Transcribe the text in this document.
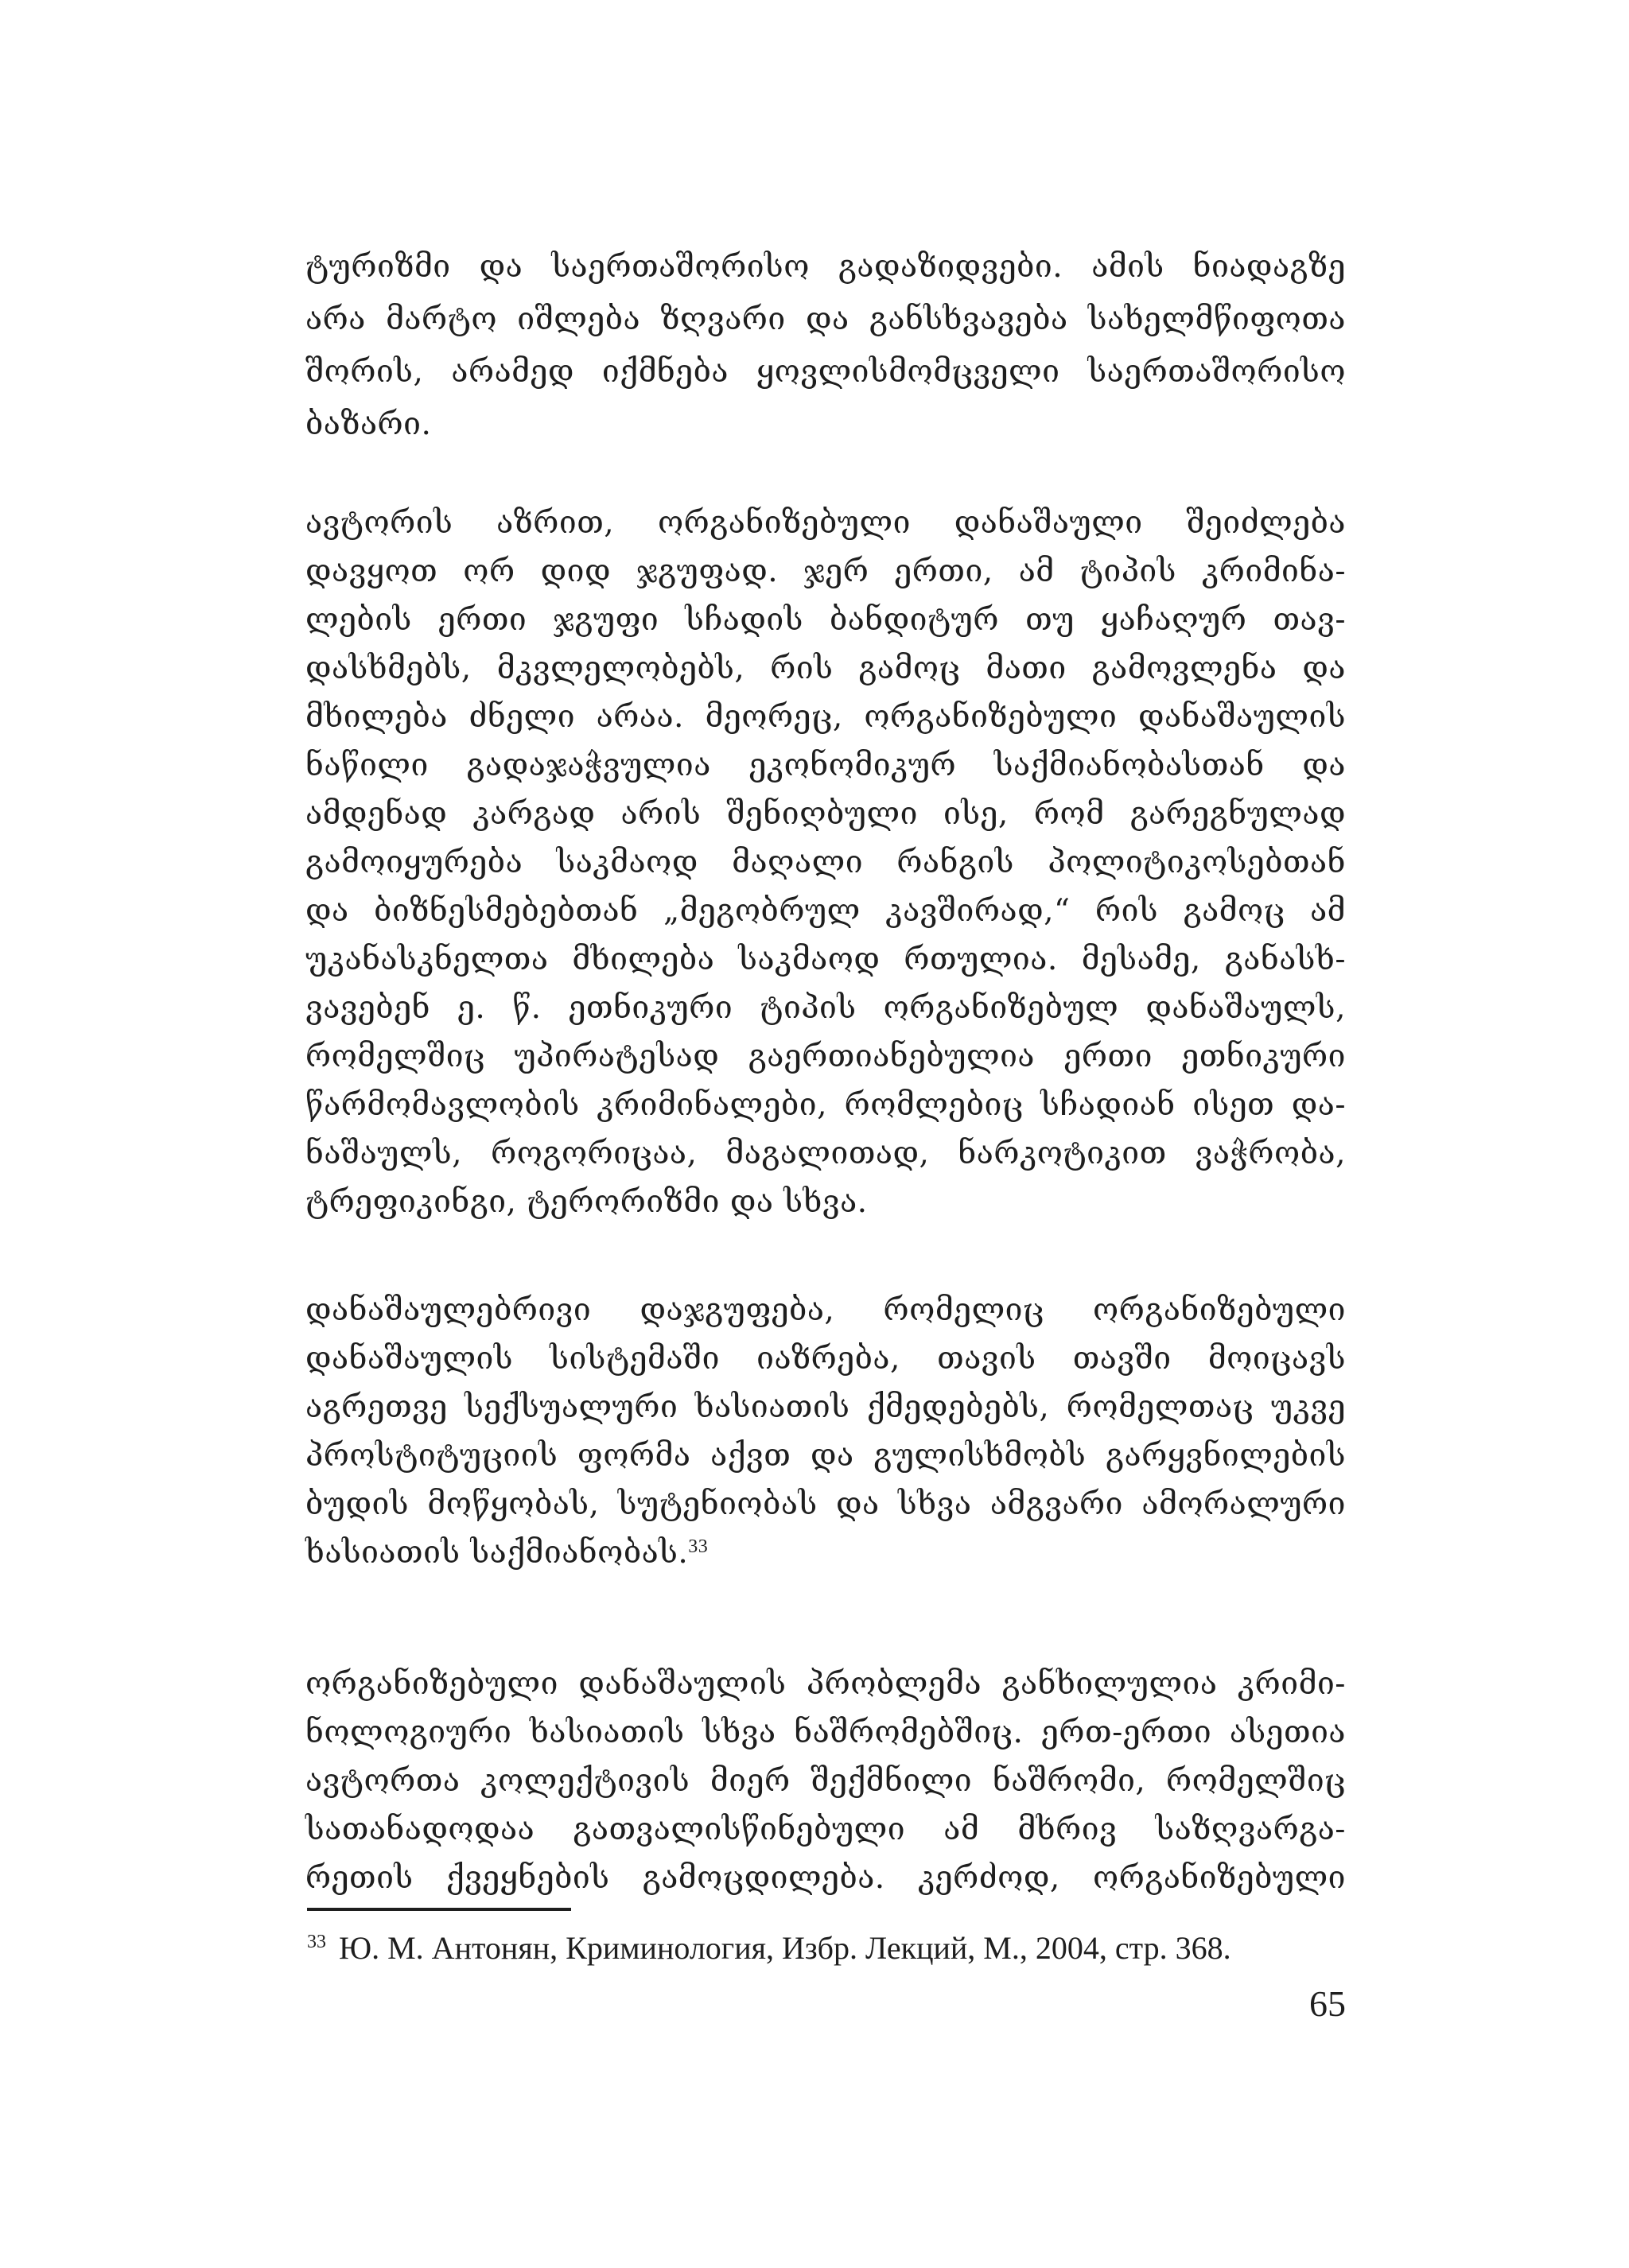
ტურიზმი და საერთაშორისო გადაზიდვები. ამის ნიადაგზე
არა მარტო იშლება ზღვარი და განსხვავება სახელმწიფოთა
შორის, არამედ იქმნება ყოვლისმომცველი საერთაშორისო
ბაზარი.
ავტორის აზრით, ორგანიზებული დანაშაული შეიძლება
დავყოთ ორ დიდ ჯგუფად. ჯერ ერთი, ამ ტიპის კრიმინა-
ლების ერთი ჯგუფი სჩადის ბანდიტურ თუ ყაჩაღურ თავ-
დასხმებს, მკვლელობებს, რის გამოც მათი გამოვლენა და
მხილება ძნელი არაა. მეორეც, ორგანიზებული დანაშაულის
ნაწილი გადაჯაჭვულია ეკონომიკურ საქმიანობასთან და
ამდენად კარგად არის შენიღბული ისე, რომ გარეგნულად
გამოიყურება საკმაოდ მაღალი რანგის პოლიტიკოსებთან
და ბიზნესმებებთან „მეგობრულ კავშირად,“ რის გამოც ამ
უკანასკნელთა მხილება საკმაოდ რთულია. მესამე, განასხ-
ვავებენ ე. წ. ეთნიკური ტიპის ორგანიზებულ დანაშაულს,
რომელშიც უპირატესად გაერთიანებულია ერთი ეთნიკური
წარმომავლობის კრიმინალები, რომლებიც სჩადიან ისეთ და-
ნაშაულს, როგორიცაა, მაგალითად, ნარკოტიკით ვაჭრობა,
ტრეფიკინგი, ტერორიზმი და სხვა.
დანაშაულებრივი დაჯგუფება, რომელიც ორგანიზებული
დანაშაულის სისტემაში იაზრება, თავის თავში მოიცავს
აგრეთვე სექსუალური ხასიათის ქმედებებს, რომელთაც უკვე
პროსტიტუციის ფორმა აქვთ და გულისხმობს გარყვნილების
ბუდის მოწყობას, სუტენიობას და სხვა ამგვარი ამორალური
ხასიათის საქმიანობას.$^{33}$
ორგანიზებული დანაშაულის პრობლემა განხილულია კრიმი-
ნოლოგიური ხასიათის სხვა ნაშრომებშიც. ერთ-ერთი ასეთია
ავტორთა კოლექტივის მიერ შექმნილი ნაშრომი, რომელშიც
სათანადოდაა გათვალისწინებული ამ მხრივ საზღვარგა-
რეთის ქვეყნების გამოცდილება. კერძოდ, ორგანიზებული
$^{33}$ Ю. М. Антонян, Криминология, Избр. Лекций, М., 2004, стр. 368.
65
